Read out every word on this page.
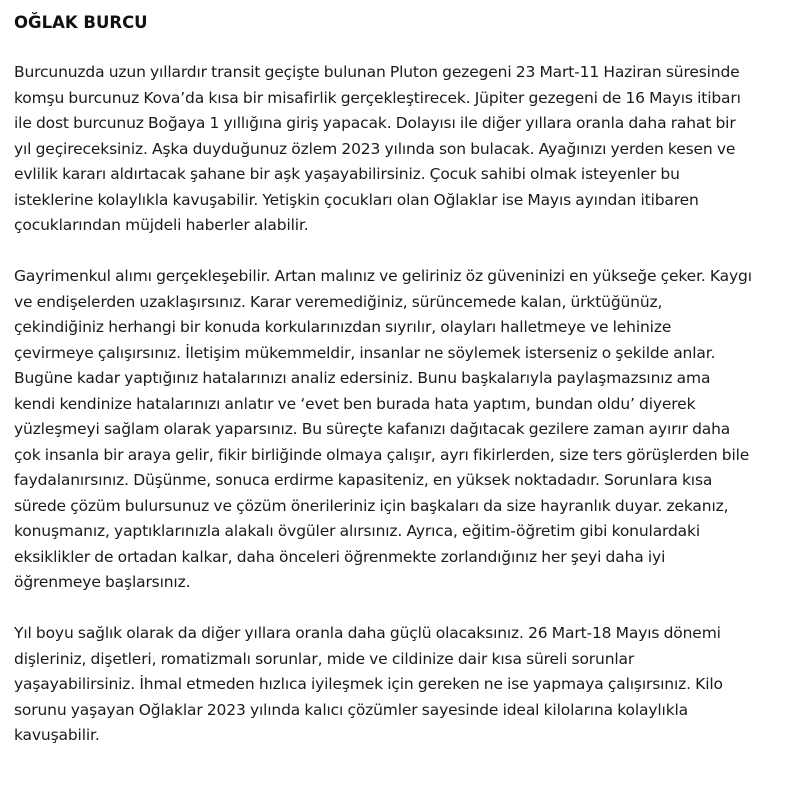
OĞLAK BURCU

Burcunuzda uzun yıllardır transit geçişte bulunan Pluton gezegeni 23 Mart-11 Haziran süresinde
komşu burcunuz Kova’da kısa bir misafirlik gerçekleştirecek. Jüpiter gezegeni de 16 Mayıs itibarı
ile dost burcunuz Boğaya 1 yıllığına giriş yapacak. Dolayısı ile diğer yıllara oranla daha rahat bir
yıl geçireceksiniz. Aşka duyduğunuz özlem 2023 yılında son bulacak. Ayağınızı yerden kesen ve
evlilik kararı aldırtacak şahane bir aşk yaşayabilirsiniz. Çocuk sahibi olmak isteyenler bu
isteklerine kolaylıkla kavuşabilir. Yetişkin çocukları olan Oğlaklar ise Mayıs ayından itibaren
çocuklarından müjdeli haberler alabilir.

Gayrimenkul alımı gerçekleşebilir. Artan malınız ve geliriniz öz güveninizi en yükseğe çeker. Kaygı
ve endişelerden uzaklaşırsınız. Karar veremediğiniz, sürüncemede kalan, ürktüğünüz,
çekindiğiniz herhangi bir konuda korkularınızdan sıyrılır, olayları halletmeye ve lehinize
çevirmeye çalışırsınız. İletişim mükemmeldir, insanlar ne söylemek isterseniz o şekilde anlar.
Bugüne kadar yaptığınız hatalarınızı analiz edersiniz. Bunu başkalarıyla paylaşmazsınız ama
kendi kendinize hatalarınızı anlatır ve ‘evet ben burada hata yaptım, bundan oldu’ diyerek
yüzleşmeyi sağlam olarak yaparsınız. Bu süreçte kafanızı dağıtacak gezilere zaman ayırır daha
çok insanla bir araya gelir, fikir birliğinde olmaya çalışır, ayrı fikirlerden, size ters görüşlerden bile
faydalanırsınız. Düşünme, sonuca erdirme kapasiteniz, en yüksek noktadadır. Sorunlara kısa
sürede çözüm bulursunuz ve çözüm önerileriniz için başkaları da size hayranlık duyar. zekanız,
konuşmanız, yaptıklarınızla alakalı övgüler alırsınız. Ayrıca, eğitim-öğretim gibi konulardaki
eksiklikler de ortadan kalkar, daha önceleri öğrenmekte zorlandığınız her şeyi daha iyi
öğrenmeye başlarsınız.

Yıl boyu sağlık olarak da diğer yıllara oranla daha güçlü olacaksınız. 26 Mart-18 Mayıs dönemi
dişleriniz, dişetleri, romatizmalı sorunlar, mide ve cildinize dair kısa süreli sorunlar
yaşayabilirsiniz. İhmal etmeden hızlıca iyileşmek için gereken ne ise yapmaya çalışırsınız. Kilo
sorunu yaşayan Oğlaklar 2023 yılında kalıcı çözümler sayesinde ideal kilolarına kolaylıkla
kavuşabilir.
